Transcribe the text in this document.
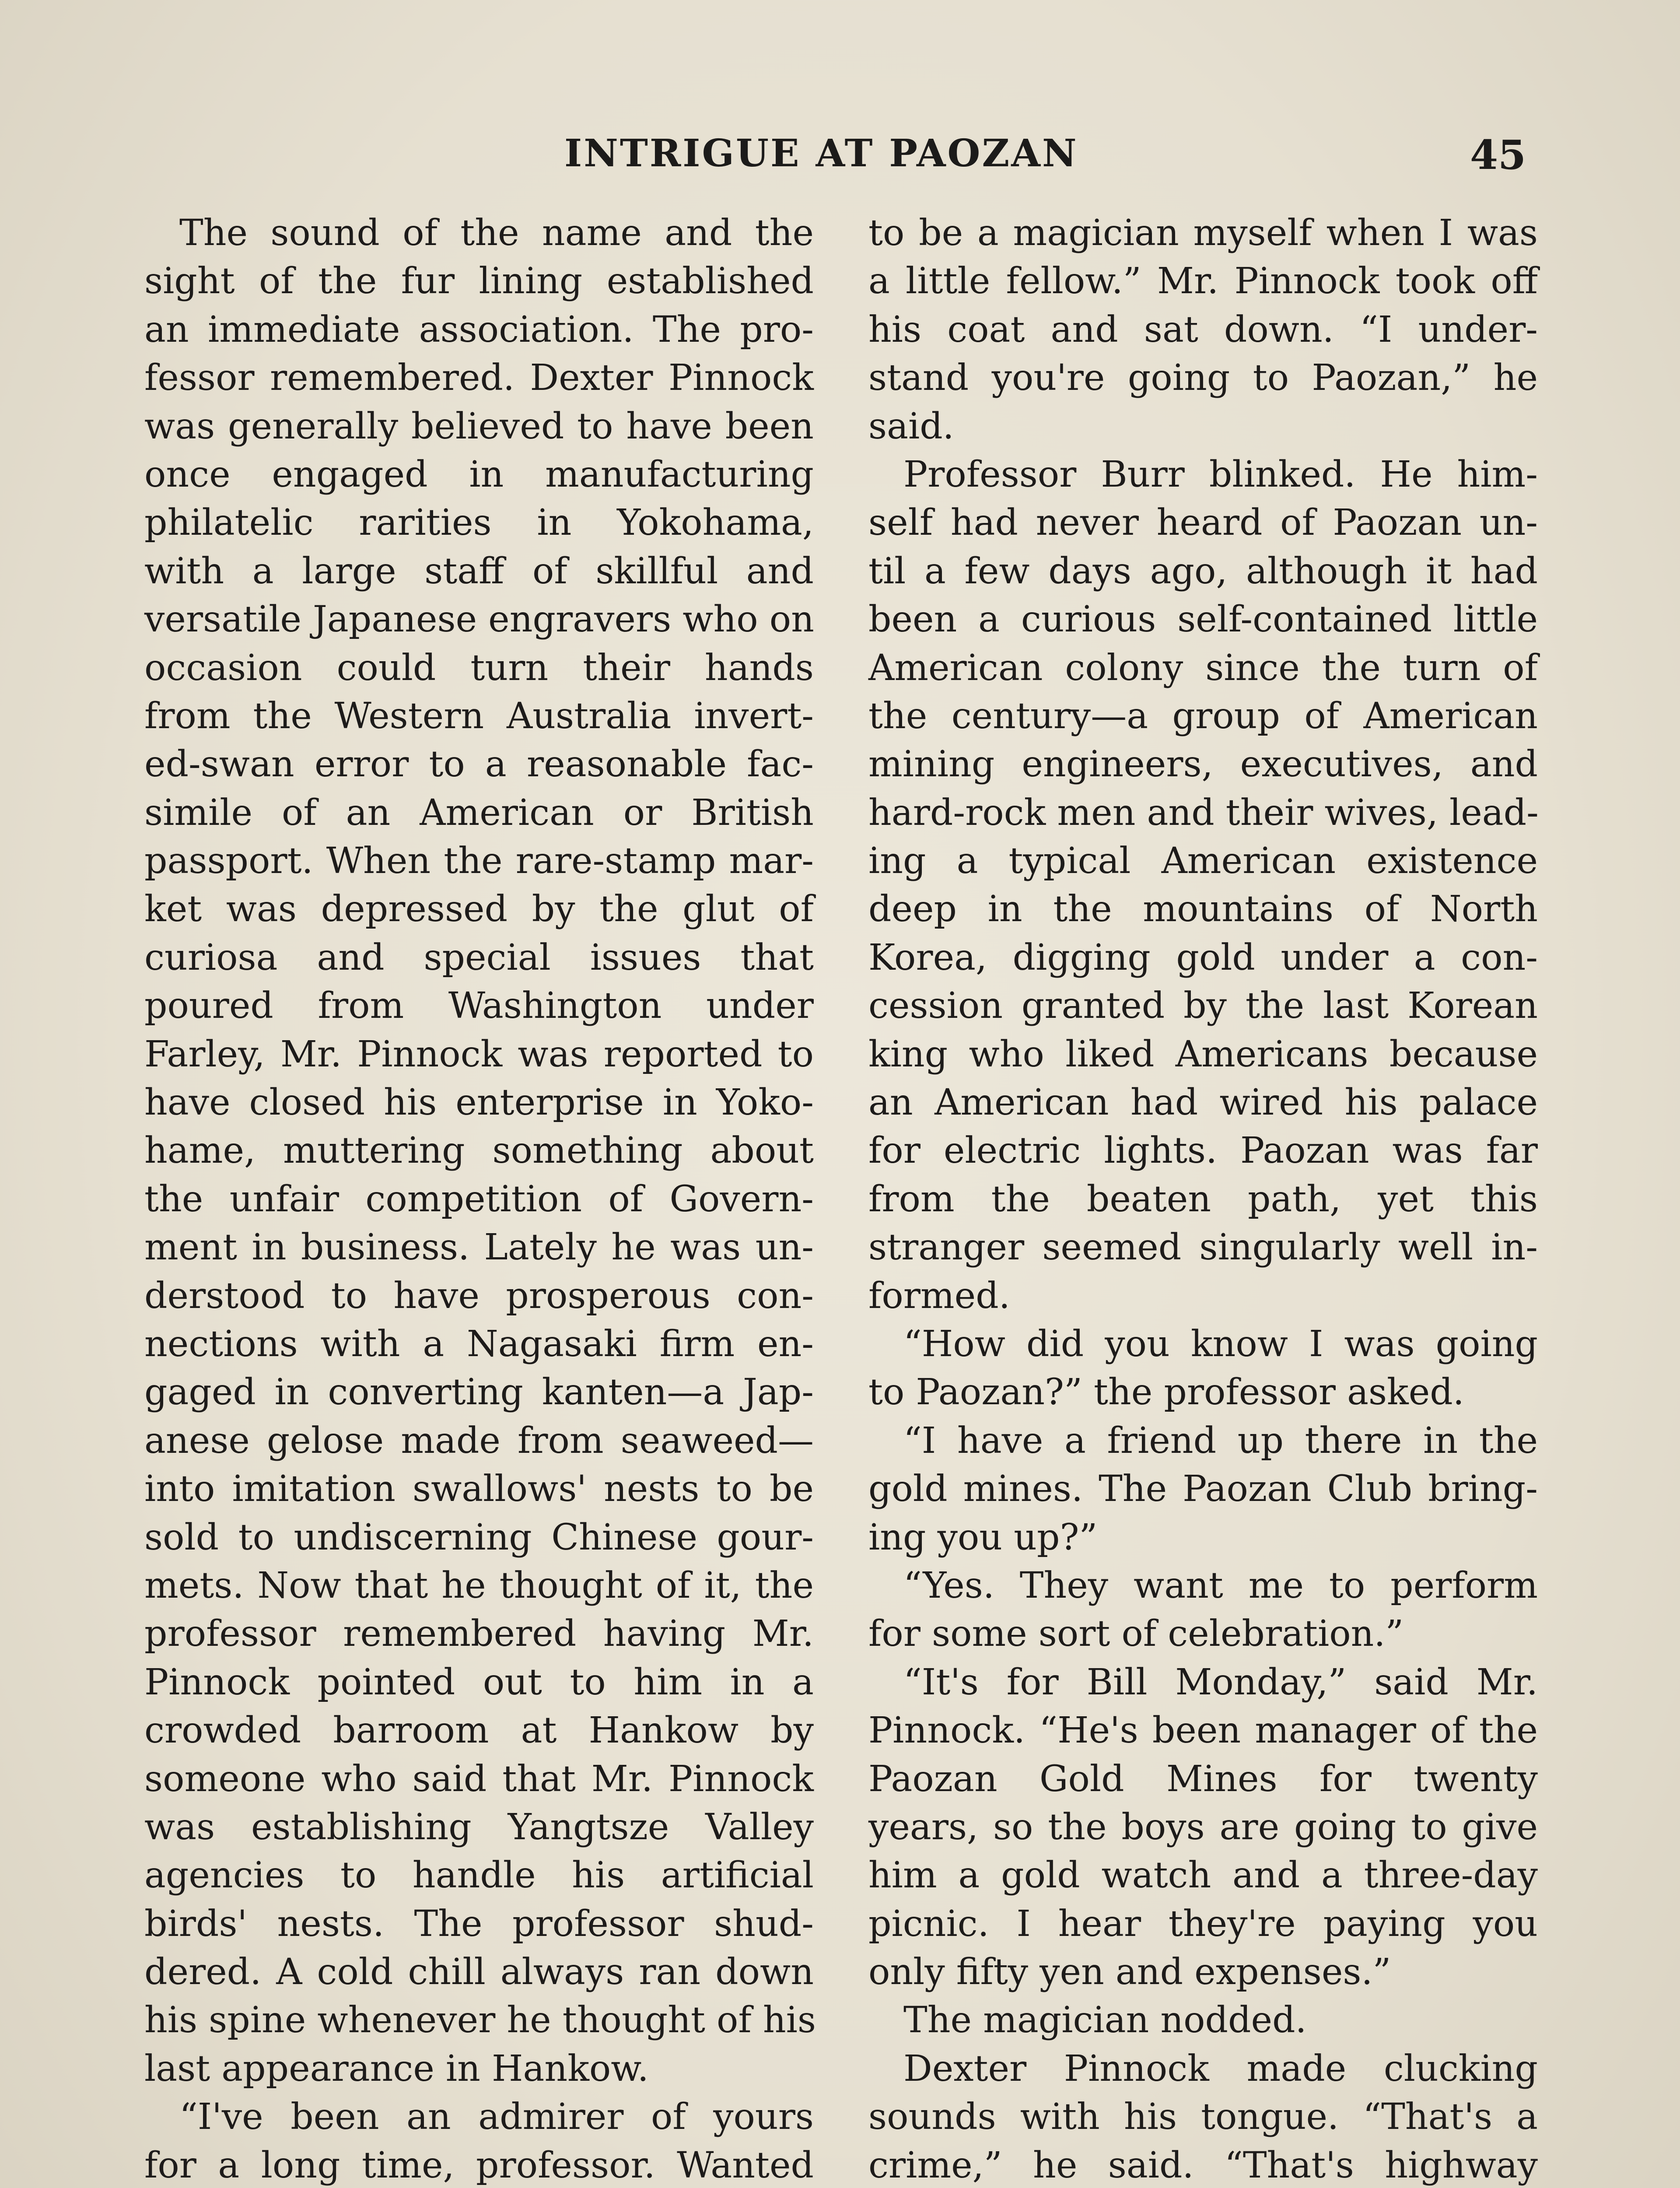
INTRIGUE AT PAOZAN	45
The sound of the name and the
sight of the fur lining established
an immediate association. The pro-
fessor remembered. Dexter Pinnock
was generally believed to have been
once engaged in manufacturing
philatelic rarities in Yokohama,
with a large staff of skillful and
versatile Japanese engravers who on
occasion could turn their hands
from the Western Australia invert-
ed-swan error to a reasonable fac-
simile of an American or British
passport. When the rare-stamp mar-
ket was depressed by the glut of
curiosa and special issues that
poured from Washington under
Farley, Mr. Pinnock was reported to
have closed his enterprise in Yoko-
hame, muttering something about
the unfair competition of Govern-
ment in business. Lately he was un-
derstood to have prosperous con-
nections with a Nagasaki firm en-
gaged in converting kanten—a Jap-
anese gelose made from seaweed—
into imitation swallows' nests to be
sold to undiscerning Chinese gour-
mets. Now that he thought of it, the
professor remembered having Mr.
Pinnock pointed out to him in a
crowded barroom at Hankow by
someone who said that Mr. Pinnock
was establishing Yangtsze Valley
agencies to handle his artificial
birds' nests. The professor shud-
dered. A cold chill always ran down
his spine whenever he thought of his
last appearance in Hankow.
“I've been an admirer of yours
for a long time, professor. Wanted
to be a magician myself when I was
a little fellow.” Mr. Pinnock took off
his coat and sat down. “I under-
stand you're going to Paozan,” he
said.
Professor Burr blinked. He him-
self had never heard of Paozan un-
til a few days ago, although it had
been a curious self-contained little
American colony since the turn of
the century—a group of American
mining engineers, executives, and
hard-rock men and their wives, lead-
ing a typical American existence
deep in the mountains of North
Korea, digging gold under a con-
cession granted by the last Korean
king who liked Americans because
an American had wired his palace
for electric lights. Paozan was far
from the beaten path, yet this
stranger seemed singularly well in-
formed.
“How did you know I was going
to Paozan?” the professor asked.
“I have a friend up there in the
gold mines. The Paozan Club bring-
ing you up?”
“Yes. They want me to perform
for some sort of celebration.”
“It's for Bill Monday,” said Mr.
Pinnock. “He's been manager of the
Paozan Gold Mines for twenty
years, so the boys are going to give
him a gold watch and a three-day
picnic. I hear they're paying you
only fifty yen and expenses.”
The magician nodded.
Dexter Pinnock made clucking
sounds with his tongue. “That's a
crime,” he said. “That's highway
